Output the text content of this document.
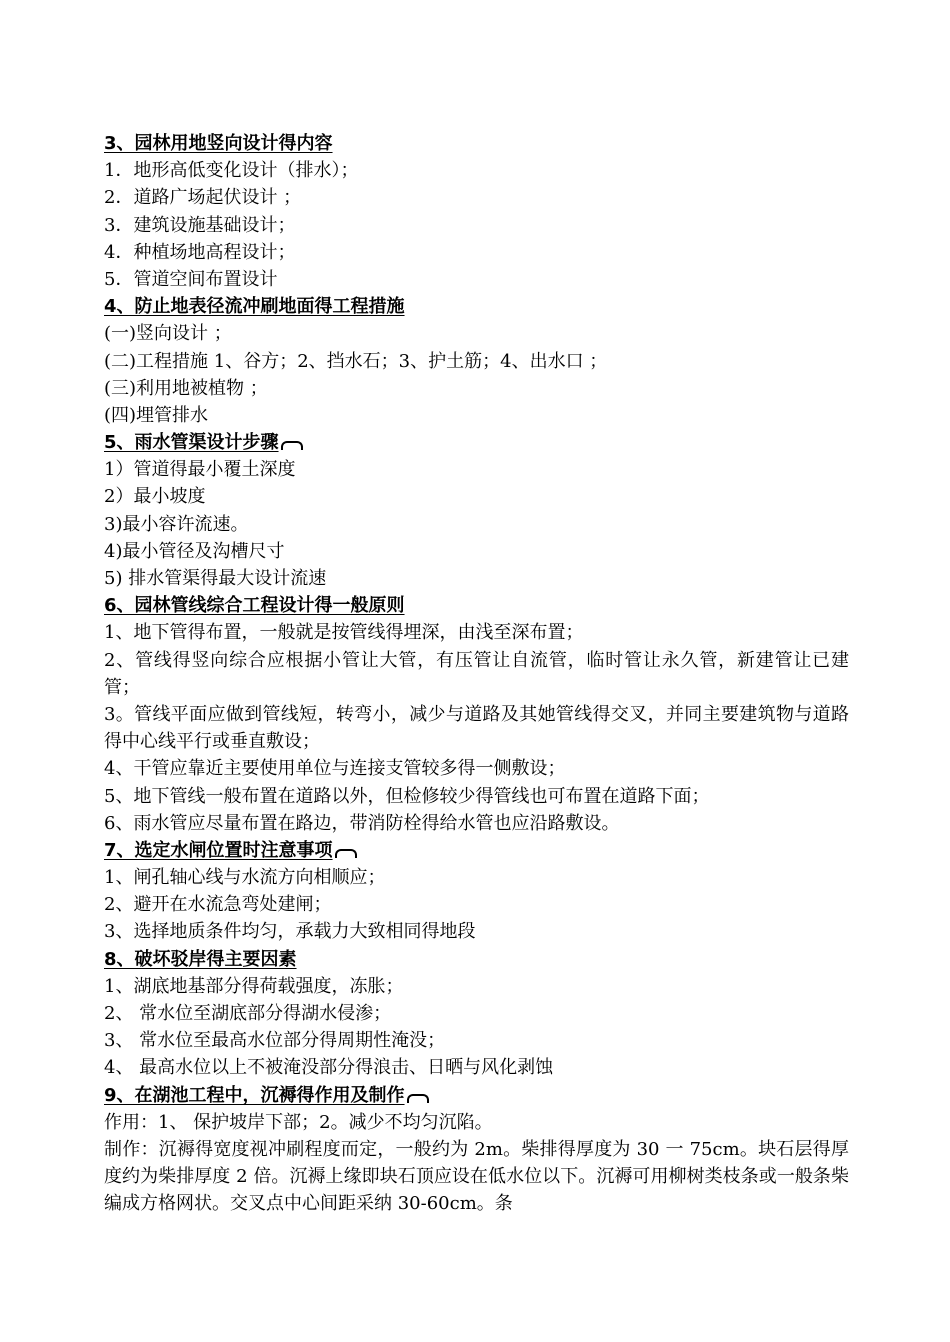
3、园林用地竖向设计得内容
1．地形高低变化设计（排水）；
2．道路广场起伏设计 ；
3．建筑设施基础设计；
4．种植场地高程设计；
5．管道空间布置设计
4、防止地表径流冲刷地面得工程措施
(一)竖向设计 ；
(二)工程措施 1、谷方；2、挡水石；3、护土筋；4、出水口 ；
(三)利用地被植物 ；
(四)埋管排水
5、雨水管渠设计步骤
1）管道得最小覆土深度
2）最小坡度
3)最小容许流速。
4)最小管径及沟槽尺寸
5) 排水管渠得最大设计流速
6、园林管线综合工程设计得一般原则
1、地下管得布置，一般就是按管线得埋深，由浅至深布置；
2、管线得竖向综合应根据小管让大管，有压管让自流管，临时管让永久管，新建管让已建管；
3。管线平面应做到管线短，转弯小，减少与道路及其她管线得交叉，并同主要建筑物与道路得中心线平行或垂直敷设；
4、干管应靠近主要使用单位与连接支管较多得一侧敷设；
5、地下管线一般布置在道路以外，但检修较少得管线也可布置在道路下面；
6、雨水管应尽量布置在路边，带消防栓得给水管也应沿路敷设。
7、选定水闸位置时注意事项
1、闸孔轴心线与水流方向相顺应；
2、避开在水流急弯处建闸；
3、选择地质条件均匀，承载力大致相同得地段
8、破坏驳岸得主要因素
1、湖底地基部分得荷载强度，冻胀；
2、 常水位至湖底部分得湖水侵渗；
3、 常水位至最高水位部分得周期性淹没；
4、 最高水位以上不被淹没部分得浪击、日晒与风化剥蚀
9、在湖池工程中，沉褥得作用及制作
作用：1、 保护坡岸下部；2。减少不均匀沉陷。
制作：沉褥得宽度视冲刷程度而定，一般约为 2m。柴排得厚度为 30 一 75cm。块石层得厚度约为柴排厚度 2 倍。沉褥上缘即块石顶应设在低水位以下。沉褥可用柳树类枝条或一般条柴编成方格网状。交叉点中心间距采纳 30-60cm。条
